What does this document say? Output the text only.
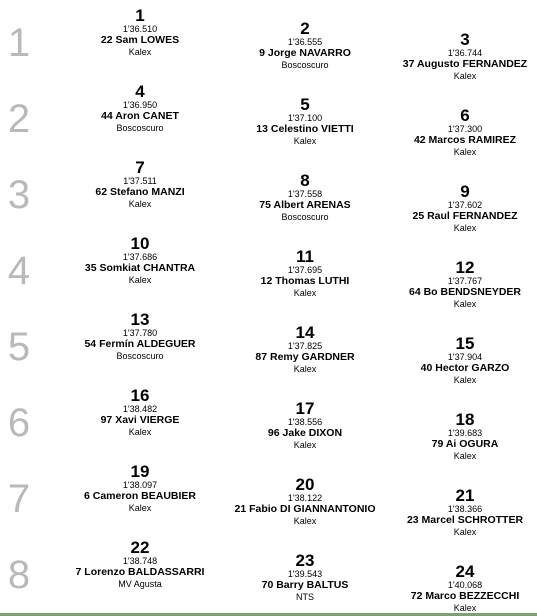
1
1
1'36.510
22 Sam LOWES
Kalex
2
1'36.555
9 Jorge NAVARRO
Boscoscuro
3
1'36.744
37 Augusto FERNANDEZ
Kalex
2
4
1'36.950
44 Aron CANET
Boscoscuro
5
1'37.100
13 Celestino VIETTI
Kalex
6
1'37.300
42 Marcos RAMIREZ
Kalex
3
7
1'37.511
62 Stefano MANZI
Kalex
8
1'37.558
75 Albert ARENAS
Boscoscuro
9
1'37.602
25 Raul FERNANDEZ
Kalex
4
10
1'37.686
35 Somkiat CHANTRA
Kalex
11
1'37.695
12 Thomas LUTHI
Kalex
12
1'37.767
64 Bo BENDSNEYDER
Kalex
5
13
1'37.780
54 Fermín ALDEGUER
Boscoscuro
14
1'37.825
87 Remy GARDNER
Kalex
15
1'37.904
40 Hector GARZO
Kalex
6
16
1'38.482
97 Xavi VIERGE
Kalex
17
1'38.556
96 Jake DIXON
Kalex
18
1'39.683
79 Ai OGURA
Kalex
7
19
1'38.097
6 Cameron BEAUBIER
Kalex
20
1'38.122
21 Fabio DI GIANNANTONIO
Kalex
21
1'38.366
23 Marcel SCHROTTER
Kalex
8
22
1'38.748
7 Lorenzo BALDASSARRI
MV Agusta
23
1'39.543
70 Barry BALTUS
NTS
24
1'40.068
72 Marco BEZZECCHI
Kalex
